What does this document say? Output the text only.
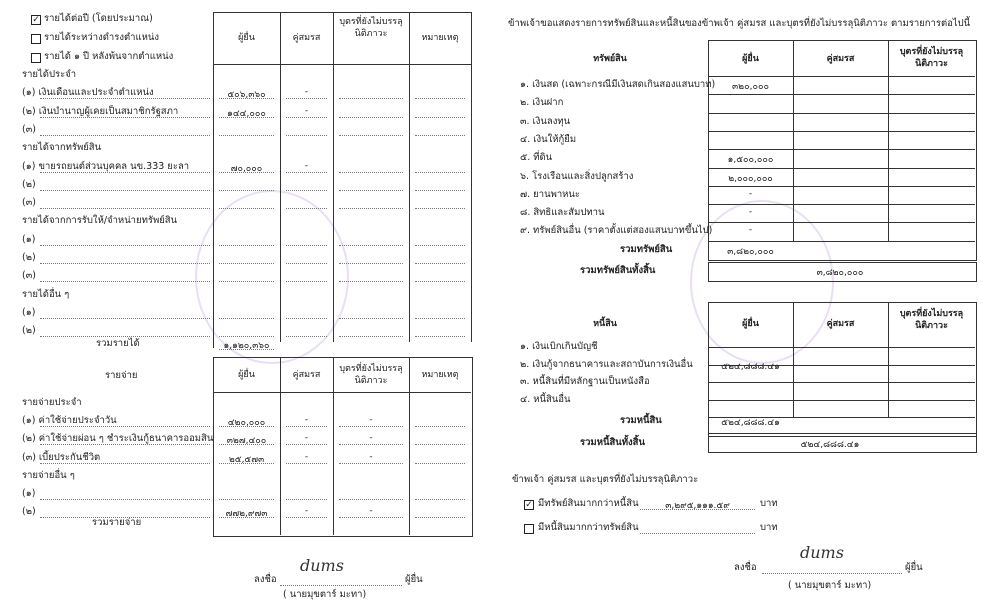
✓ รายได้ต่อปี (โดยประมาณ)
รายได้ระหว่างดำรงตำแหน่ง
รายได้ ๑ ปี หลังพ้นจากตำแหน่ง
ผู้ยื่น	คู่สมรส
บุตรที่ยังไม่บรรลุนิติภาวะ	หมายเหตุ
รายได้ประจำ
(๑) เงินเดือนและประจำตำแหน่ง	๕๐๖,๓๖๐	-
(๒) เงินบำนาญผู้เคยเป็นสมาชิกรัฐสภา	๑๔๔,๐๐๐	-
(๓)
รายได้จากทรัพย์สิน
(๑) ขายรถยนต์ส่วนบุคคล นข.333 ยะลา	๗๐,๐๐๐	-
(๒)
(๓)
รายได้จากการรับให้/จำหน่ายทรัพย์สิน
(๑)
(๒)
(๓)
รายได้อื่น ๆ
(๑)
(๒)
รวมรายได้	๑,๑๒๐,๓๖๐
รายจ่าย	ผู้ยื่น	คู่สมรส
บุตรที่ยังไม่บรรลุนิติภาวะ
หมายเหตุ
รายจ่ายประจำ
(๑) ค่าใช้จ่ายประจำวัน	๔๒๐,๐๐๐	-	-
(๒) ค่าใช้จ่ายผ่อน ๆ ชำระเงินกู้ธนาคารออมสิน	๓๒๗,๔๐๐	-	-
(๓) เบี้ยประกันชีวิต	๒๕,๕๗๓	-	-
รายจ่ายอื่น ๆ
(๑)
(๒)	๗๗๒,๙๗๓	-	-
รวมรายจ่าย
ลงชื่อ
dums
ผู้ยื่น
( นายมุขตาร์ มะทา)
ข้าพเจ้าขอแสดงรายการทรัพย์สินและหนี้สินของข้าพเจ้า คู่สมรส และบุตรที่ยังไม่บรรลุนิติภาวะ ตามรายการต่อไปนี้
ทรัพย์สิน	ผู้ยื่น	คู่สมรส
บุตรที่ยังไม่บรรลุนิติภาวะ
๑. เงินสด (เฉพาะกรณีมีเงินสดเกินสองแสนบาท)	๓๒๐,๐๐๐
๒. เงินฝาก
๓. เงินลงทุน
๔. เงินให้กู้ยืม
๕. ที่ดิน	๑,๕๐๐,๐๐๐
๖. โรงเรือนและสิ่งปลูกสร้าง	๒,๐๐๐,๐๐๐
๗. ยานพาหนะ	-
๘. สิทธิและสัมปทาน	-
๙. ทรัพย์สินอื่น (ราคาตั้งแต่สองแสนบาทขึ้นไป)	-
รวมทรัพย์สิน	๓,๘๒๐,๐๐๐
รวมทรัพย์สินทั้งสิ้น	๓,๘๒๐,๐๐๐
หนี้สิน	ผู้ยื่น	คู่สมรส
บุตรที่ยังไม่บรรลุนิติภาวะ
๑. เงินเบิกเกินบัญชี
๒. เงินกู้จากธนาคารและสถาบันการเงินอื่น	๕๒๔,๘๘๘.๔๑
๓. หนี้สินที่มีหลักฐานเป็นหนังสือ
๔. หนี้สินอื่น
รวมหนี้สิน	๕๒๔,๘๘๘.๔๑
รวมหนี้สินทั้งสิ้น	๕๒๔,๘๘๘.๔๑
ข้าพเจ้า คู่สมรส และบุตรที่ยังไม่บรรลุนิติภาวะ
✓ มีทรัพย์สินมากกว่าหนี้สิน	๓,๒๙๕,๑๑๑.๕๙	บาท
มีหนี้สินมากกว่าทรัพย์สิน	บาท
ลงชื่อ
dums
ผู้ยื่น
( นายมุขตาร์ มะทา)
